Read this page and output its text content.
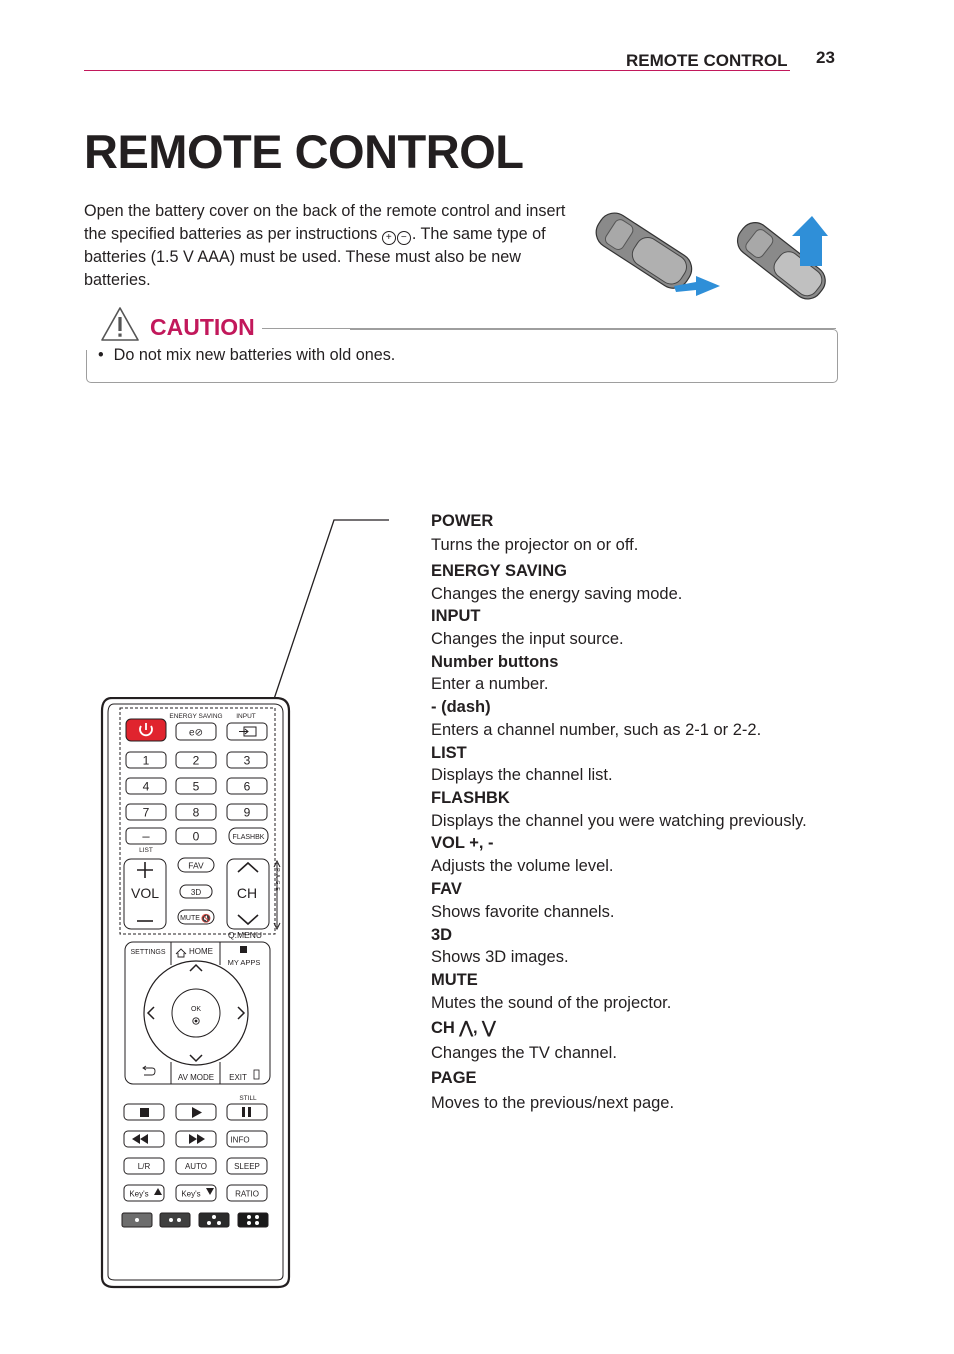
REMOTE CONTROL 23
REMOTE CONTROL

Open the battery cover on the back of the remote control and insert the specified batteries as per instructions + − . The same type of batteries (1.5 V AAA) must be used. These must also be new batteries.

CAUTION
• Do not mix new batteries with old ones.
POWER
Turns the projector on or off.
ENERGY SAVING
Changes the energy saving mode.
INPUT
Changes the input source.
Number buttons
Enter a number.
- (dash)
Enters a channel number, such as 2-1 or 2-2.
LIST
Displays the channel list.
FLASHBK
Displays the channel you were watching previously.
VOL +, -
Adjusts the volume level.
FAV
Shows favorite channels.
3D
Shows 3D images.
MUTE
Mutes the sound of the projector.
CH ⋀, ⋁
Changes the TV channel.
PAGE
Moves to the previous/next page.
ENERGY SAVING INPUT
e⊘
1	2	3
4	5	6
7	8	9
–	0	FLASHBK
LIST
VOL
FAV
3D
MUTE 🔇
CH	PAGE
Q.MENU
SETTINGS	HOME
MY APPS
OK
AV MODE EXIT
STILL
INFO
L/R	AUTO	SLEEP
Key's	Key's	RATIO
